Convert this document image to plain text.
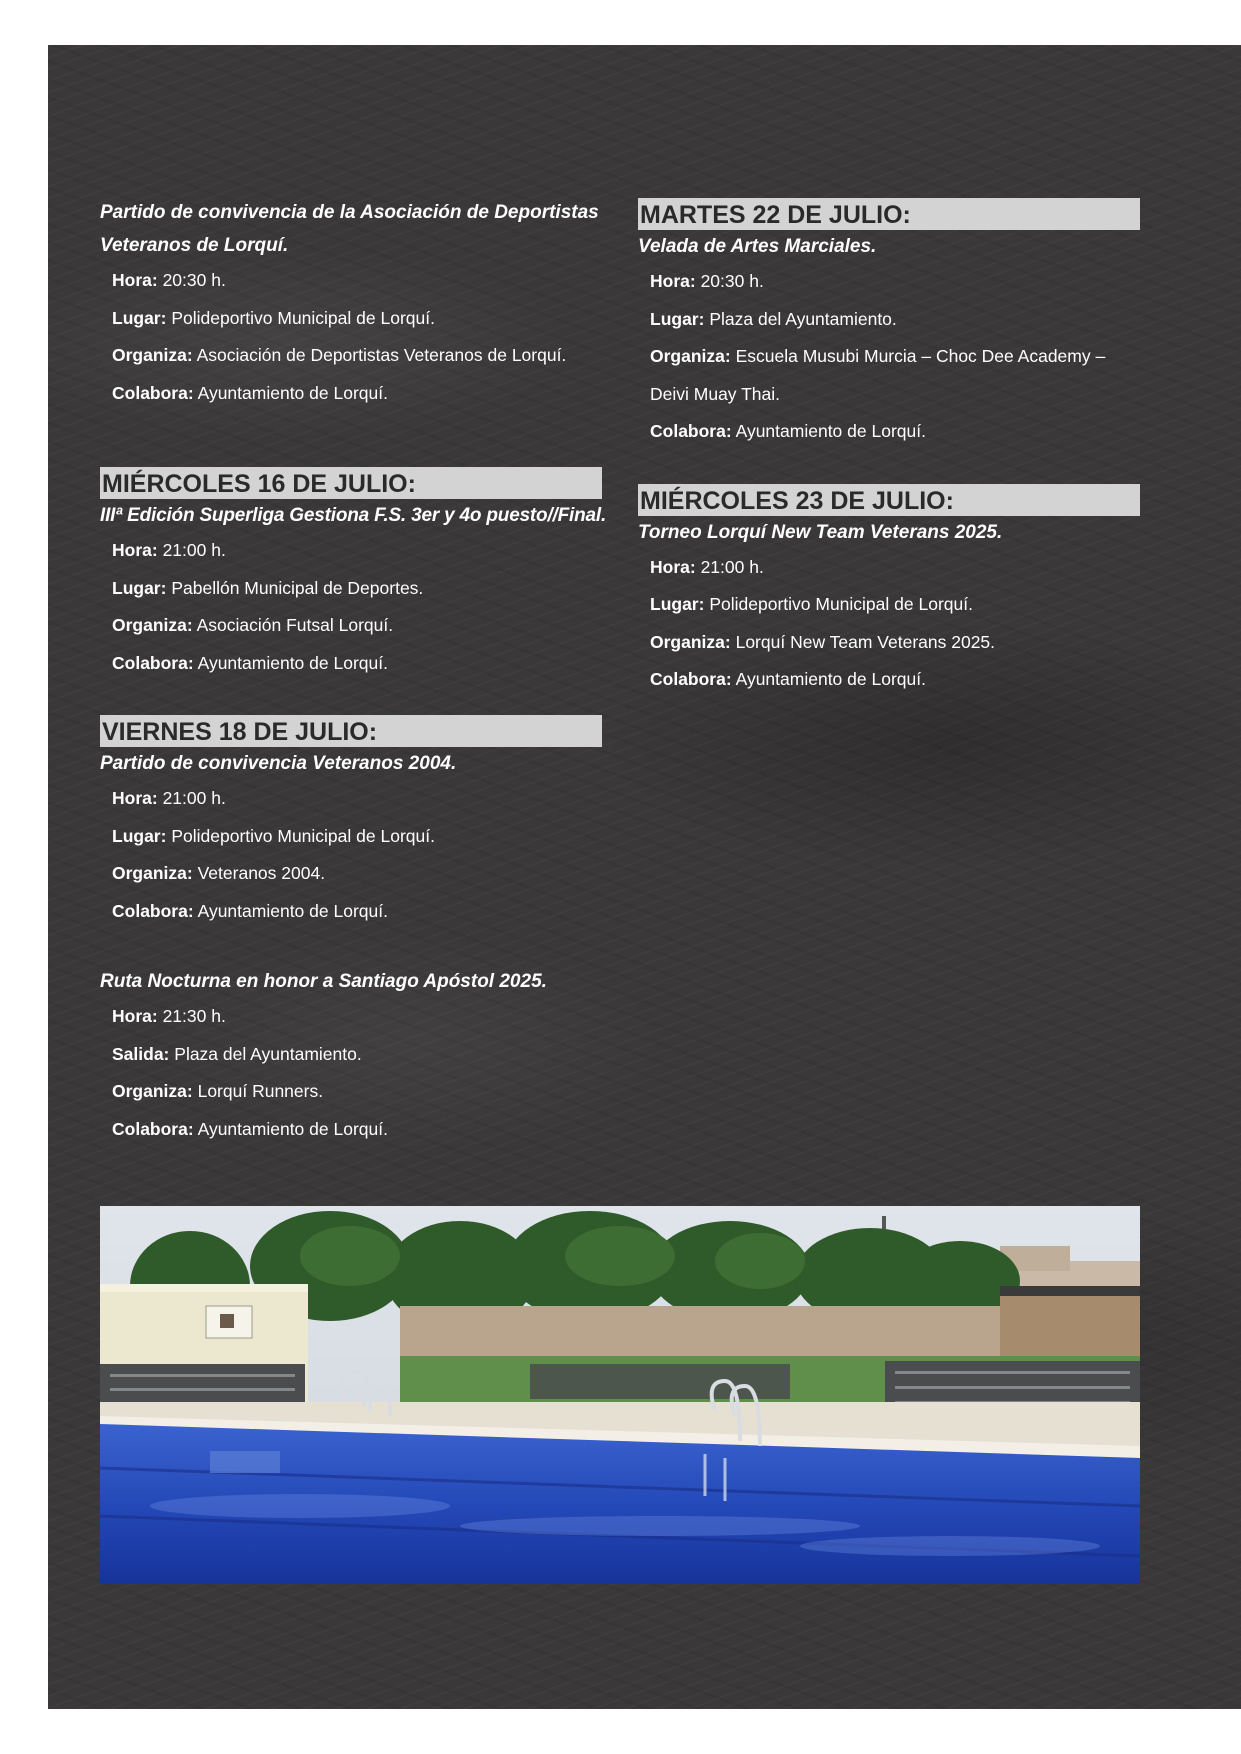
Partido de convivencia de la Asociación de Deportistas Veteranos de Lorquí.
Hora: 20:30 h.
Lugar: Polideportivo Municipal de Lorquí.
Organiza: Asociación de Deportistas Veteranos de Lorquí.
Colabora: Ayuntamiento de Lorquí.
MIÉRCOLES 16 DE JULIO:
IIIª Edición Superliga Gestiona F.S. 3er y 4o puesto//Final.
Hora: 21:00 h.
Lugar: Pabellón Municipal de Deportes.
Organiza: Asociación Futsal Lorquí.
Colabora: Ayuntamiento de Lorquí.
VIERNES 18 DE JULIO:
Partido de convivencia Veteranos 2004.
Hora: 21:00 h.
Lugar: Polideportivo Municipal de Lorquí.
Organiza: Veteranos 2004.
Colabora: Ayuntamiento de Lorquí.
Ruta Nocturna en honor a Santiago Apóstol 2025.
Hora: 21:30 h.
Salida: Plaza del Ayuntamiento.
Organiza: Lorquí Runners.
Colabora: Ayuntamiento de Lorquí.
MARTES 22 DE JULIO:
Velada de Artes Marciales.
Hora: 20:30 h.
Lugar: Plaza del Ayuntamiento.
Organiza: Escuela Musubi Murcia – Choc Dee Academy – Deivi Muay Thai.
Colabora: Ayuntamiento de Lorquí.
MIÉRCOLES 23 DE JULIO:
Torneo Lorquí New Team Veterans 2025.
Hora: 21:00 h.
Lugar: Polideportivo Municipal de Lorquí.
Organiza: Lorquí New Team Veterans 2025.
Colabora: Ayuntamiento de Lorquí.
